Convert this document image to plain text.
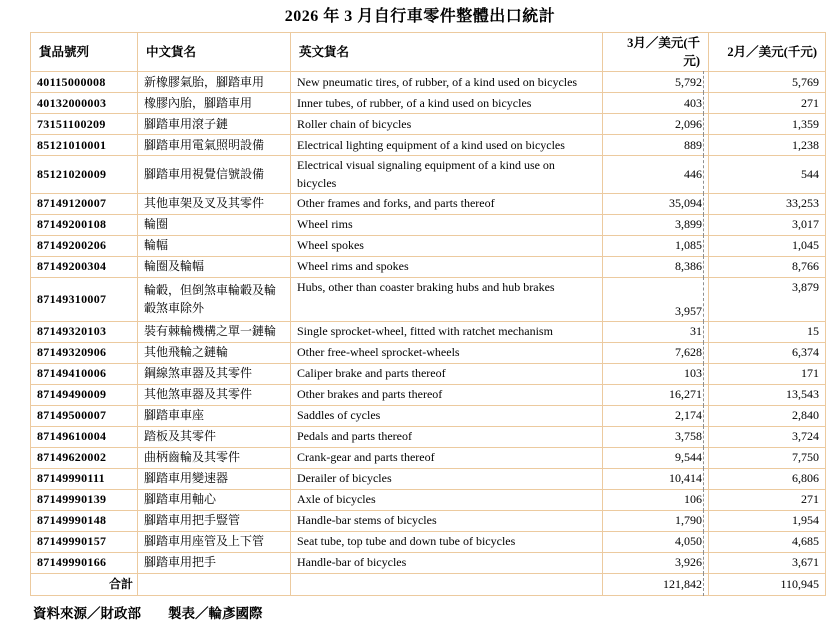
2026 年 3 月自行車零件整體出口統計
貨品號列	中文貨名	英文貨名	3月／美元(千元)	2月／美元(千元)
40115000008	新橡膠氣胎，腳踏車用	New pneumatic tires, of rubber, of a kind used on bicycles	5,792	5,769
40132000003	橡膠內胎，腳踏車用	Inner tubes, of rubber, of a kind used on bicycles	403	271
73151100209	腳踏車用滾子鏈	Roller chain of bicycles	2,096	1,359
85121010001	腳踏車用電氣照明設備	Electrical lighting equipment of a kind used on bicycles	889	1,238
85121020009	腳踏車用視覺信號設備	Electrical visual signaling equipment of a kind use on bicycles	446	544
87149120007	其他車架及叉及其零件	Other frames and forks, and parts thereof	35,094	33,253
87149200108	輪圈	Wheel rims	3,899	3,017
87149200206	輪幅	Wheel spokes	1,085	1,045
87149200304	輪圈及輪幅	Wheel rims and spokes	8,386	8,766
87149310007	輪轂，但倒煞車輪轂及輪轂煞車除外	Hubs, other than coaster braking hubs and hub brakes	3,957	3,879
87149320103	裝有棘輪機構之單一鏈輪	Single sprocket-wheel, fitted with ratchet mechanism	31	15
87149320906	其他飛輪之鏈輪	Other free-wheel sprocket-wheels	7,628	6,374
87149410006	鋼線煞車器及其零件	Caliper brake and parts thereof	103	171
87149490009	其他煞車器及其零件	Other brakes and parts thereof	16,271	13,543
87149500007	腳踏車車座	Saddles of cycles	2,174	2,840
87149610004	踏板及其零件	Pedals and parts thereof	3,758	3,724
87149620002	曲柄齒輪及其零件	Crank-gear and parts thereof	9,544	7,750
87149990111	腳踏車用變速器	Derailer of bicycles	10,414	6,806
87149990139	腳踏車用軸心	Axle of bicycles	106	271
87149990148	腳踏車用把手豎管	Handle-bar stems of bicycles	1,790	1,954
87149990157	腳踏車用座管及上下管	Seat tube, top tube and down tube of bicycles	4,050	4,685
87149990166	腳踏車用把手	Handle-bar of bicycles	3,926	3,671
合計			121,842	110,945
資料來源／財政部　　製表／輪彥國際
